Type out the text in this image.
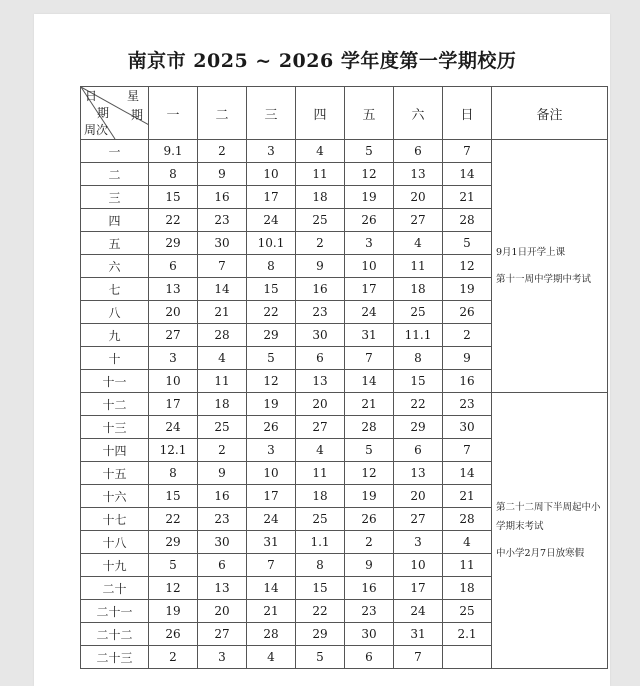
南京市 2025 ~ 2026 学年度第一学期校历
日 星
期 期
周次	一	二	三	四	五	六	日	备注
一	9.1	2	3	4	5	6	7	9月1日开学上课

第十一周中学期中考试

二	8	9	10	11	12	13	14	
三	15	16	17	18	19	20	21	
四	22	23	24	25	26	27	28	
五	29	30	10.1	2	3	4	5	
六	6	7	8	9	10	11	12	
七	13	14	15	16	17	18	19	
八	20	21	22	23	24	25	26	
九	27	28	29	30	31	11.1	2	
十	3	4	5	6	7	8	9	
十一	10	11	12	13	14	15	16	
十二	17	18	19	20	21	22	23	第二十二周下半周起中小学期末考试

中小学2月7日放寒假

十三	24	25	26	27	28	29	30	
十四	12.1	2	3	4	5	6	7	
十五	8	9	10	11	12	13	14	
十六	15	16	17	18	19	20	21	
十七	22	23	24	25	26	27	28	
十八	29	30	31	1.1	2	3	4	
十九	5	6	7	8	9	10	11	
二十	12	13	14	15	16	17	18	
二十一	19	20	21	22	23	24	25	
二十二	26	27	28	29	30	31	2.1	
二十三	2	3	4	5	6	7		
